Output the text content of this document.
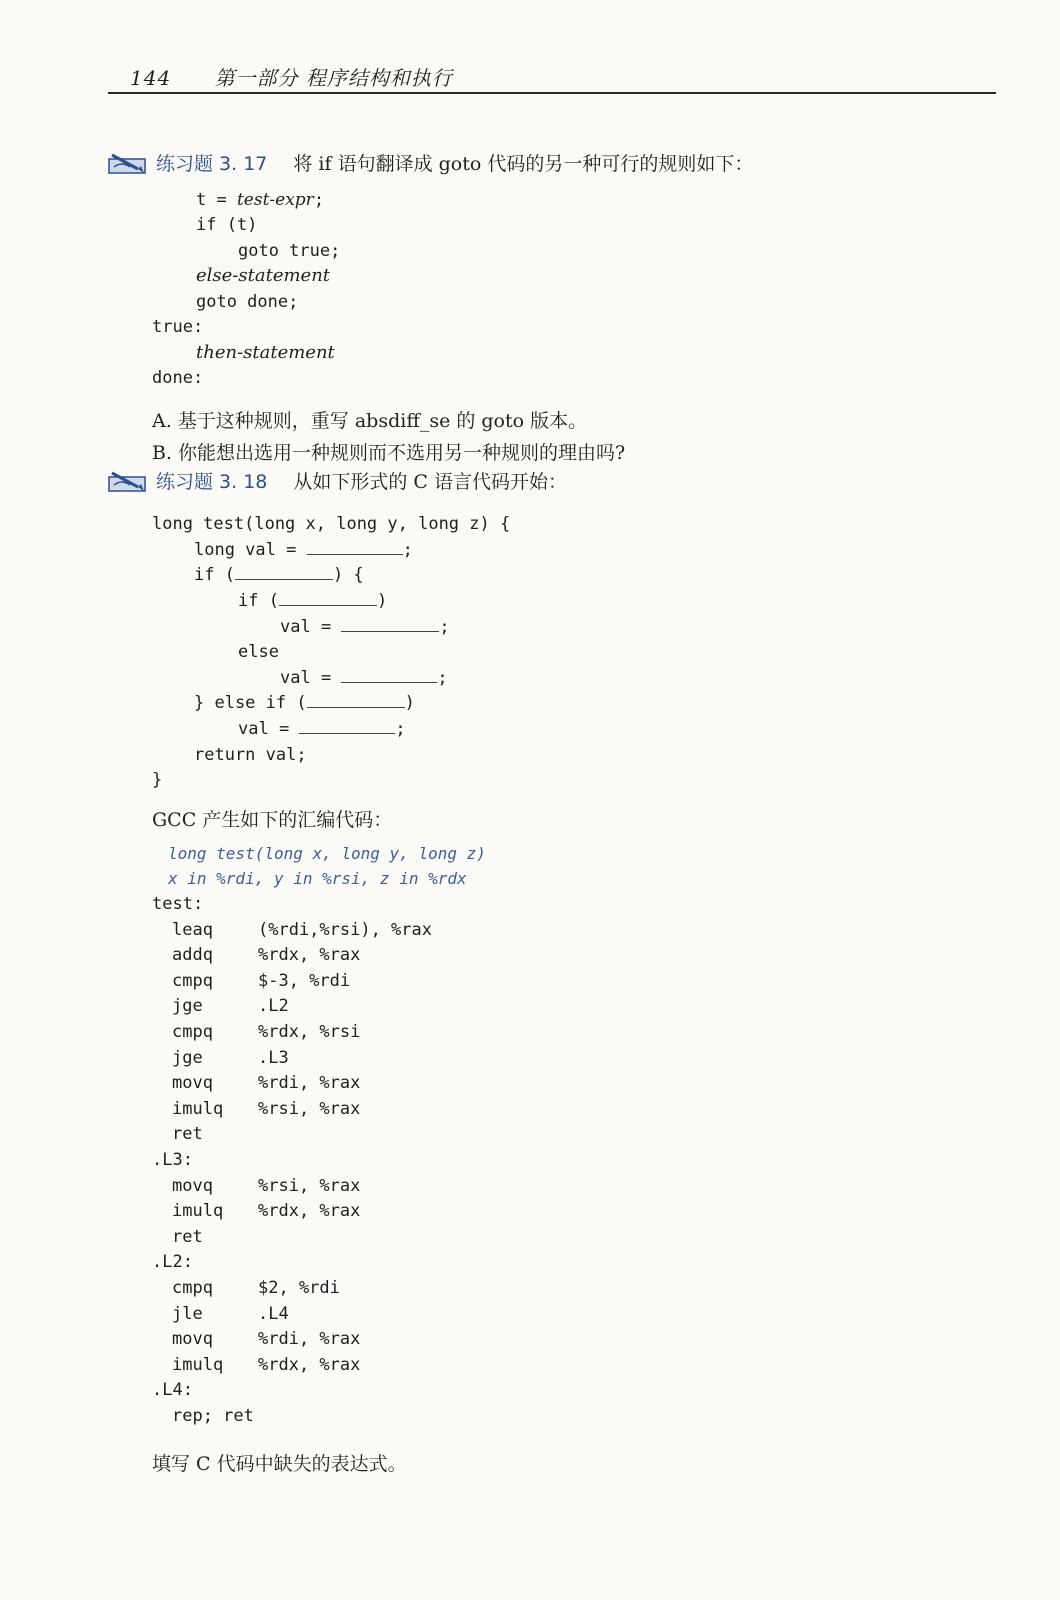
144 第一部分 程序结构和执行
练习题 3. 17 将 if 语句翻译成 goto 代码的另一种可行的规则如下：
t = test-expr;
if (t)
goto true;
else-statement
goto done;
true:
then-statement
done:
A. 基于这种规则，重写 absdiff_se 的 goto 版本。
B. 你能想出选用一种规则而不选用另一种规则的理由吗?
练习题 3. 18 从如下形式的 C 语言代码开始：
long test(long x, long y, long z) {
long val =	;
if (	) {
if (	)
val =	;
else
val =	;
} else if (	)
val =	;
return val;
}
GCC 产生如下的汇编代码：
long test(long x, long y, long z)
x in %rdi, y in %rsi, z in %rdx
test:
leaq	(%rdi,%rsi), %rax
addq	%rdx, %rax
cmpq	$-3, %rdi
jge	.L2
cmpq	%rdx, %rsi
jge	.L3
movq	%rdi, %rax
imulq %rsi, %rax
ret
.L3:
movq	%rsi, %rax
imulq %rdx, %rax
ret
.L2:
cmpq	$2, %rdi
jle	.L4
movq	%rdi, %rax
imulq %rdx, %rax
.L4:
rep; ret
填写 C 代码中缺失的表达式。
